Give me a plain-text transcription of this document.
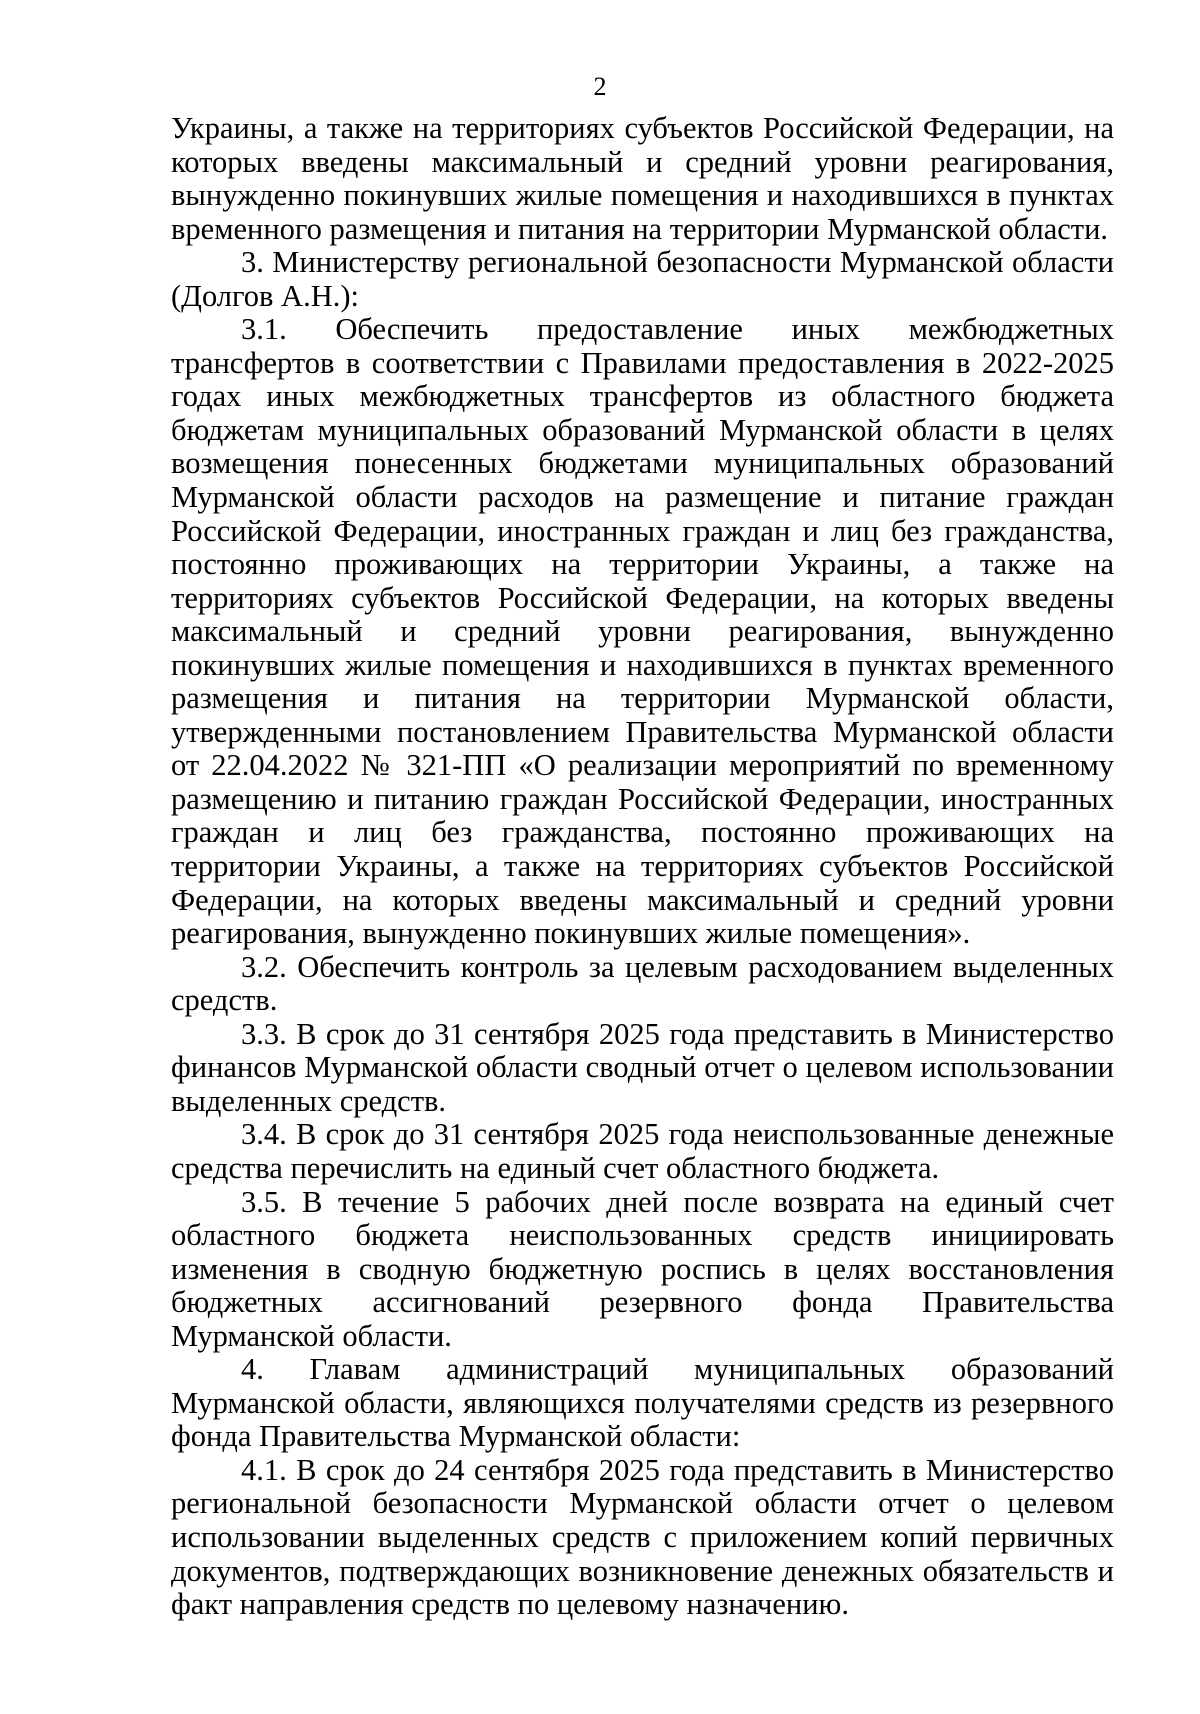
2

Украины, а также на территориях субъектов Российской Федерации, на которых введены максимальный и средний уровни реагирования, вынужденно покинувших жилые помещения и находившихся в пунктах временного размещения и питания на территории Мурманской области.

3. Министерству региональной безопасности Мурманской области (Долгов А.Н.):

3.1. Обеспечить предоставление иных межбюджетных трансфертов в соответствии с Правилами предоставления в 2022-2025 годах иных межбюджетных трансфертов из областного бюджета бюджетам муниципальных образований Мурманской области в целях возмещения понесенных бюджетами муниципальных образований Мурманской области расходов на размещение и питание граждан Российской Федерации, иностранных граждан и лиц без гражданства, постоянно проживающих на территории Украины, а также на территориях субъектов Российской Федерации, на которых введены максимальный и средний уровни реагирования, вынужденно покинувших жилые помещения и находившихся в пунктах временного размещения и питания на территории Мурманской области, утвержденными постановлением Правительства Мурманской области от 22.04.2022 № 321-ПП «О реализации мероприятий по временному размещению и питанию граждан Российской Федерации, иностранных граждан и лиц без гражданства, постоянно проживающих на территории Украины, а также на территориях субъектов Российской Федерации, на которых введены максимальный и средний уровни реагирования, вынужденно покинувших жилые помещения».

3.2. Обеспечить контроль за целевым расходованием выделенных средств.

3.3. В срок до 31 сентября 2025 года представить в Министерство финансов Мурманской области сводный отчет о целевом использовании выделенных средств.

3.4. В срок до 31 сентября 2025 года неиспользованные денежные средства перечислить на единый счет областного бюджета.

3.5. В течение 5 рабочих дней после возврата на единый счет областного бюджета неиспользованных средств инициировать изменения в сводную бюджетную роспись в целях восстановления бюджетных ассигнований резервного фонда Правительства Мурманской области.

4. Главам администраций муниципальных образований Мурманской области, являющихся получателями средств из резервного фонда Правительства Мурманской области:

4.1. В срок до 24 сентября 2025 года представить в Министерство региональной безопасности Мурманской области отчет о целевом использовании выделенных средств с приложением копий первичных документов, подтверждающих возникновение денежных обязательств и факт направления средств по целевому назначению.
